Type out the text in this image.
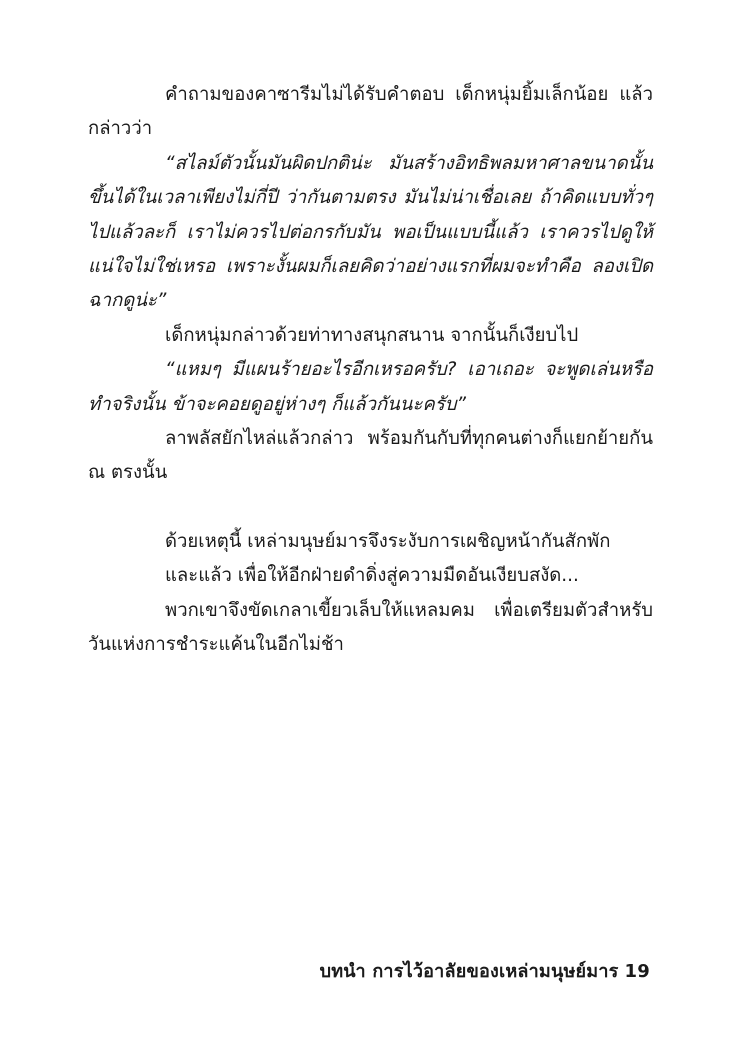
คำถามของคาซารีมไม่ได้รับคำตอบ เด็กหนุ่มยิ้มเล็กน้อย แล้วกล่าวว่า

“สไลม์ตัวนั้นมันผิดปกติน่ะ มันสร้างอิทธิพลมหาศาลขนาดนั้นขึ้นได้ในเวลาเพียงไม่กี่ปี ว่ากันตามตรง มันไม่น่าเชื่อเลย ถ้าคิดแบบทั่วๆ ไปแล้วละก็ เราไม่ควรไปต่อกรกับมัน พอเป็นแบบนี้แล้ว เราควรไปดูให้แน่ใจไม่ใช่เหรอ เพราะงั้นผมก็เลยคิดว่าอย่างแรกที่ผมจะทำคือ ลองเปิดฉากดูน่ะ”

เด็กหนุ่มกล่าวด้วยท่าทางสนุกสนาน จากนั้นก็เงียบไป

“แหมๆ มีแผนร้ายอะไรอีกเหรอครับ? เอาเถอะ จะพูดเล่นหรือทำจริงนั้น ข้าจะคอยดูอยู่ห่างๆ ก็แล้วกันนะครับ”

ลาพลัสยักไหล่แล้วกล่าว พร้อมกันกับที่ทุกคนต่างก็แยกย้ายกัน ณ ตรงนั้น

ด้วยเหตุนี้ เหล่ามนุษย์มารจึงระงับการเผชิญหน้ากันสักพัก

และแล้ว เพื่อให้อีกฝ่ายดำดิ่งสู่ความมืดอันเงียบสงัด...

พวกเขาจึงขัดเกลาเขี้ยวเล็บให้แหลมคม เพื่อเตรียมตัวสำหรับวันแห่งการชำระแค้นในอีกไม่ช้า

บทนำ การไว้อาลัยของเหล่ามนุษย์มาร 19
